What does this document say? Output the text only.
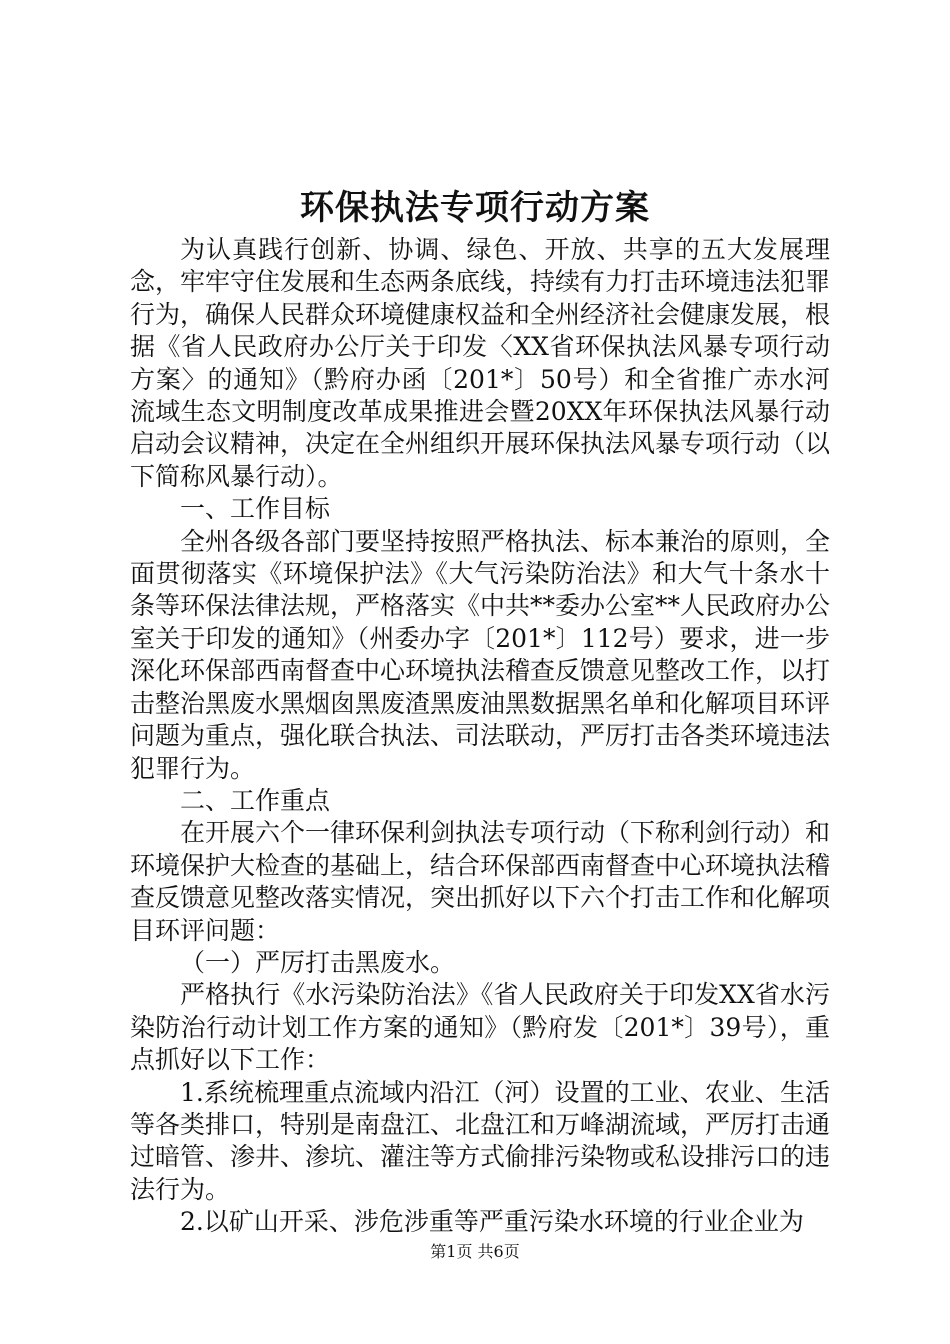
环保执法专项行动方案

为认真践行创新、协调、绿色、开放、共享的五大发展理念，牢牢守住发展和生态两条底线，持续有力打击环境违法犯罪行为，确保人民群众环境健康权益和全州经济社会健康发展，根据《省人民政府办公厅关于印发〈XX省环保执法风暴专项行动方案〉的通知》（黔府办函〔201*〕50号）和全省推广赤水河流域生态文明制度改革成果推进会暨20XX年环保执法风暴行动启动会议精神，决定在全州组织开展环保执法风暴专项行动（以下简称风暴行动）。

一、工作目标

全州各级各部门要坚持按照严格执法、标本兼治的原则，全面贯彻落实《环境保护法》《大气污染防治法》和大气十条水十条等环保法律法规，严格落实《中共**委办公室**人民政府办公室关于印发的通知》（州委办字〔201*〕112号）要求，进一步深化环保部西南督查中心环境执法稽查反馈意见整改工作，以打击整治黑废水黑烟囱黑废渣黑废油黑数据黑名单和化解项目环评问题为重点，强化联合执法、司法联动，严厉打击各类环境违法犯罪行为。

二、工作重点

在开展六个一律环保利剑执法专项行动（下称利剑行动）和环境保护大检查的基础上，结合环保部西南督查中心环境执法稽查反馈意见整改落实情况，突出抓好以下六个打击工作和化解项目环评问题：

（一）严厉打击黑废水。

严格执行《水污染防治法》《省人民政府关于印发XX省水污染防治行动计划工作方案的通知》（黔府发〔201*〕39号），重点抓好以下工作：

1.系统梳理重点流域内沿江（河）设置的工业、农业、生活等各类排口，特别是南盘江、北盘江和万峰湖流域，严厉打击通过暗管、渗井、渗坑、灌注等方式偷排污染物或私设排污口的违法行为。

2.以矿山开采、涉危涉重等严重污染水环境的行业企业为

第1页 共6页
